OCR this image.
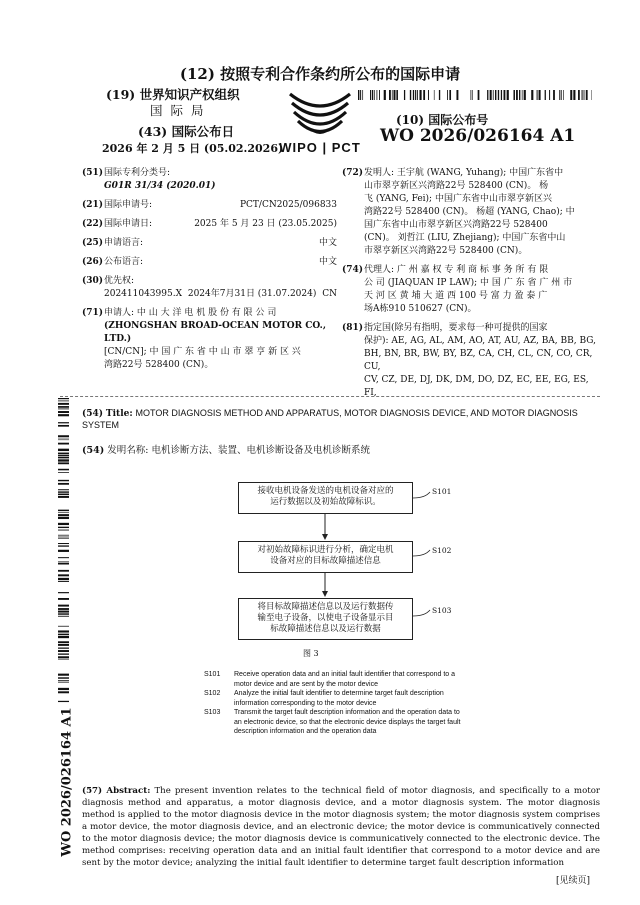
(12) 按照专利合作条约所公布的国际申请
(19) 世界知识产权组织
国 际 局
(43) 国际公布日
2026 年 2 月 5 日 (05.02.2026)
WIPO | PCT
(10) 国际公布号
WO 2026/026164 A1
(51)国际专利分类号:
G01R 31/34 (2020.01)
(21)国际申请号:	PCT/CN2025/096833
(22)国际申请日:	2025 年 5 月 23 日 (23.05.2025)
(25)申请语言:	中文
(26)公布语言:	中文
(30)优先权:
202411043995.X 2024年7月31日 (31.07.2024) CN
(71)申请人: 中 山 大 洋 电 机 股 份 有 限 公 司
(ZHONGSHAN BROAD-OCEAN MOTOR CO., LTD.)
[CN/CN]; 中 国 广 东 省 中 山 市 翠 亨 新 区 兴
湾路22号 528400 (CN)。
(72)发明人: 王宇航 (WANG, Yuhang); 中国广东省中
山市翠亨新区兴湾路22号 528400 (CN)。 杨
飞 (YANG, Fei); 中国广东省中山市翠亨新区兴
湾路22号 528400 (CN)。 杨超 (YANG, Chao); 中
国广东省中山市翠亨新区兴湾路22号 528400
(CN)。 刘哲江 (LIU, Zhejiang); 中国广东省中山
市翠亨新区兴湾路22号 528400 (CN)。
(74)代理人: 广 州 嘉 权 专 利 商 标 事 务 所 有 限
公 司 (JIAQUAN IP LAW); 中 国 广 东 省 广 州 市
天 河 区 黄 埔 大 道 西 100 号 富 力 盈 泰 广
场A栋910 510627 (CN)。
(81)指定国(除另有指明，要求每一种可提供的国家
保护): AE, AG, AL, AM, AO, AT, AU, AZ, BA, BB, BG,
BH, BN, BR, BW, BY, BZ, CA, CH, CL, CN, CO, CR, CU,
CV, CZ, DE, DJ, DK, DM, DO, DZ, EC, EE, EG, ES, FI,
WO 2026/026164 A1
(54) Title: MOTOR DIAGNOSIS METHOD AND APPARATUS, MOTOR DIAGNOSIS DEVICE, AND MOTOR DIAGNOSIS
SYSTEM
(54) 发明名称: 电机诊断方法、装置、电机诊断设备及电机诊断系统
接收电机设备发送的电机设备对应的
运行数据以及初始故障标识。
对初始故障标识进行分析，确定电机
设备对应的目标故障描述信息
将目标故障描述信息以及运行数据传
输至电子设备，以使电子设备显示目
标故障描述信息以及运行数据
S101
S102
S103
图 3
S101	Receive operation data and an initial fault identifier that correspond to a
motor device and are sent by the motor device
S102	Analyze the initial fault identifier to determine target fault description
information corresponding to the motor device
S103	Transmit the target fault description information and the operation data to
an electronic device, so that the electronic device displays the target fault
description information and the operation data
(57) Abstract: The present invention relates to the technical field of motor diagnosis, and specifically to a motor diagnosis method and apparatus, a motor diagnosis device, and a motor diagnosis system. The motor diagnosis method is applied to the motor diagnosis device in the motor diagnosis system; the motor diagnosis system comprises a motor device, the motor diagnosis device, and an electronic device; the motor device is communicatively connected to the motor diagnosis device; the motor diagnosis device is communicatively connected to the electronic device. The method comprises: receiving operation data and an initial fault identifier that correspond to a motor device and are sent by the motor device; analyzing the initial fault identifier to determine target fault description information
[见续页]
